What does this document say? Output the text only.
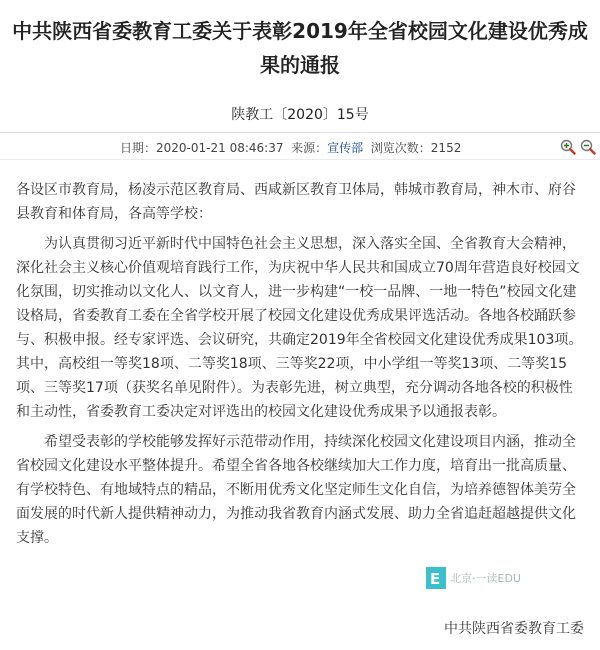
中共陕西省委教育工委关于表彰2019年全省校园文化建设优秀成果的通报
陕教工〔2020〕15号
日期：2020-01-21 08:46:37 来源：宣传部 浏览次数：2152

各设区市教育局，杨凌示范区教育局、西咸新区教育卫体局，韩城市教育局，神木市、府谷县教育和体育局，各高等学校：

为认真贯彻习近平新时代中国特色社会主义思想，深入落实全国、全省教育大会精神，深化社会主义核心价值观培育践行工作，为庆祝中华人民共和国成立70周年营造良好校园文化氛围，切实推动以文化人、以文育人，进一步构建“一校一品牌、一地一特色”校园文化建设格局，省委教育工委在全省学校开展了校园文化建设优秀成果评选活动。各地各校踊跃参与、积极申报。经专家评选、会议研究，共确定2019年全省校园文化建设优秀成果103项。其中，高校组一等奖18项、二等奖18项、三等奖22项，中小学组一等奖13项、二等奖15项、三等奖17项（获奖名单见附件）。为表彰先进，树立典型，充分调动各地各校的积极性和主动性，省委教育工委决定对评选出的校园文化建设优秀成果予以通报表彰。

希望受表彰的学校能够发挥好示范带动作用，持续深化校园文化建设项目内涵，推动全省校园文化建设水平整体提升。希望全省各地各校继续加大工作力度，培育出一批高质量、有学校特色、有地域特点的精品，不断用优秀文化坚定师生文化自信，为培养德智体美劳全面发展的时代新人提供精神动力，为推动我省教育内涵式发展、助力全省追赶超越提供文化支撑。

E 北京·一读EDU
中共陕西省委教育工委
